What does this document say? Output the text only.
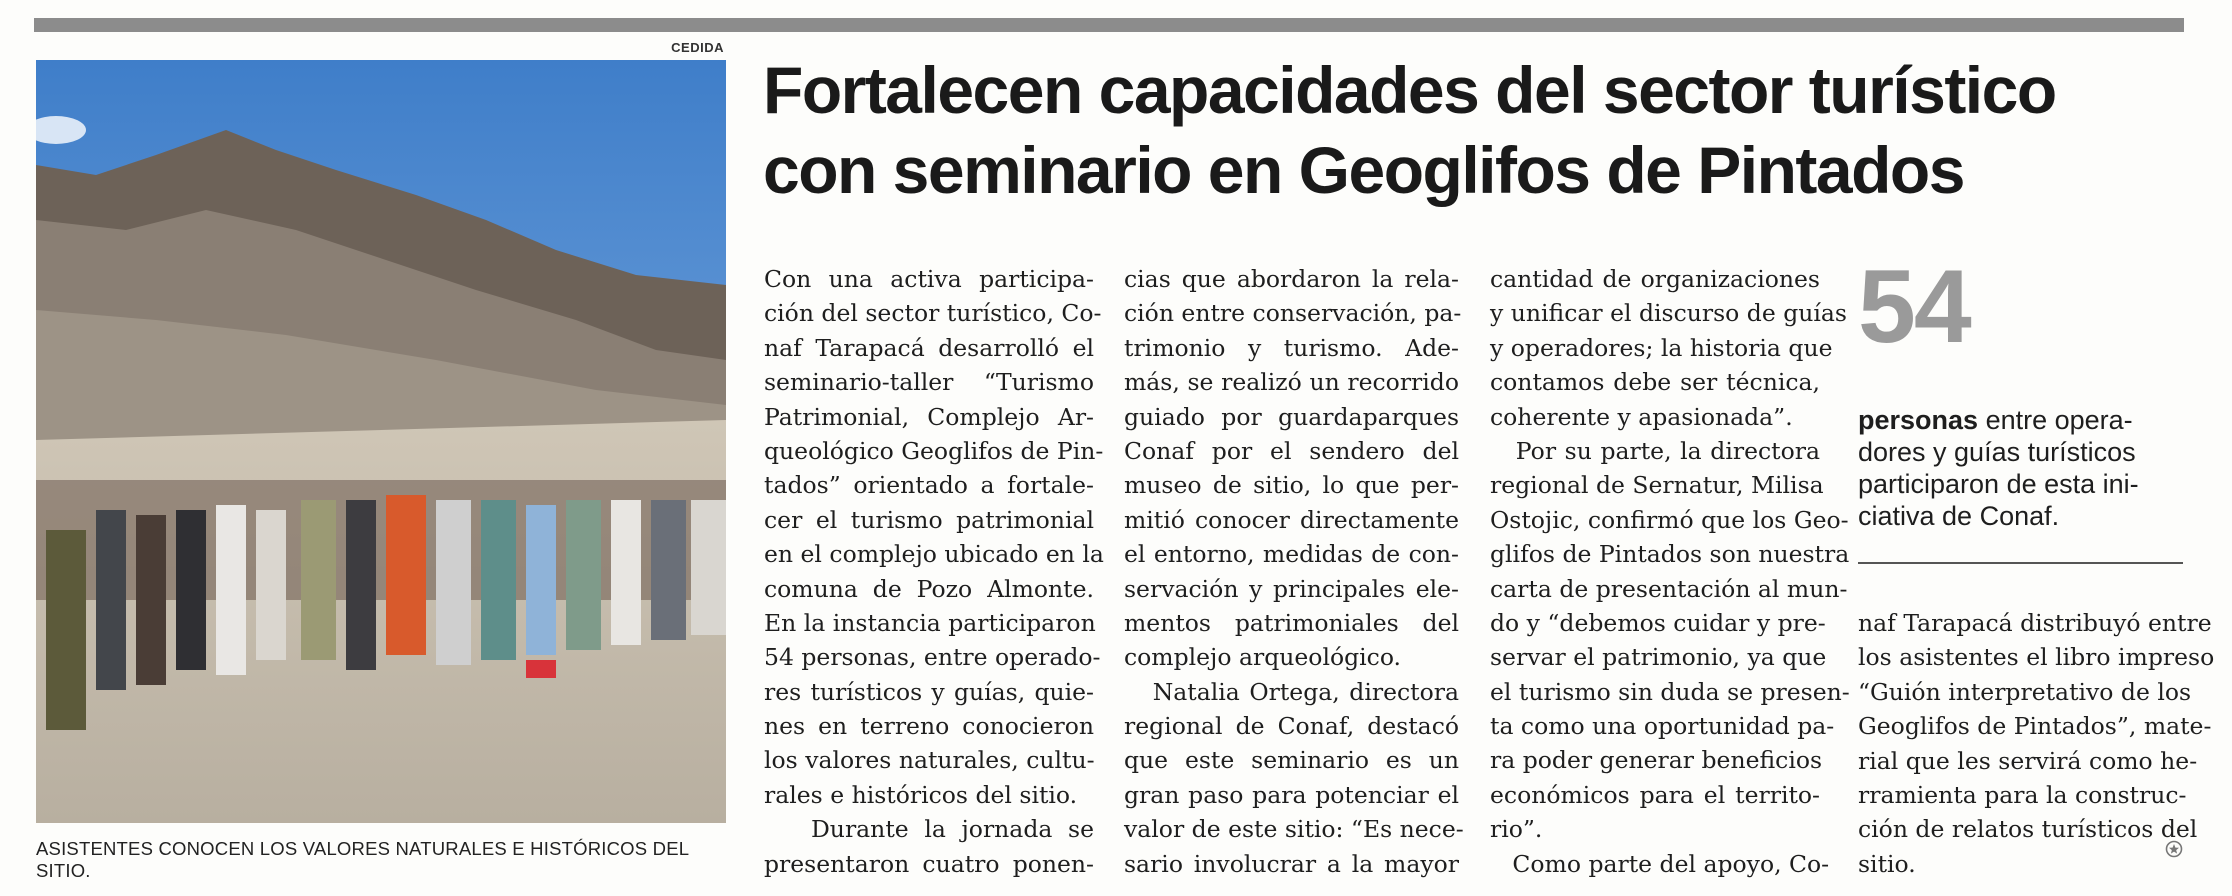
CEDIDA
ASISTENTES CONOCEN LOS VALORES NATURALES E HISTÓRICOS DEL SITIO.
Fortalecen capacidades del sector turístico
con seminario en Geoglifos de Pintados
Con una activa participa-
ción del sector turístico, Co-
naf Tarapacá desarrolló el
seminario-taller “Turismo
Patrimonial, Complejo Ar-
queológico Geoglifos de Pin-
tados” orientado a fortale-
cer el turismo patrimonial
en el complejo ubicado en la
comuna de Pozo Almonte.
En la instancia participaron
54 personas, entre operado-
res turísticos y guías, quie-
nes en terreno conocieron
los valores naturales, cultu-
rales e históricos del sitio.
Durante la jornada se
presentaron cuatro ponen-
cias que abordaron la rela-
ción entre conservación, pa-
trimonio y turismo. Ade-
más, se realizó un recorrido
guiado por guardaparques
Conaf por el sendero del
museo de sitio, lo que per-
mitió conocer directamente
el entorno, medidas de con-
servación y principales ele-
mentos patrimoniales del
complejo arqueológico.
Natalia Ortega, directora
regional de Conaf, destacó
que este seminario es un
gran paso para potenciar el
valor de este sitio: “Es nece-
sario involucrar a la mayor
cantidad de organizaciones
y unificar el discurso de guías
y operadores; la historia que
contamos debe ser técnica,
coherente y apasionada”.
Por su parte, la directora
regional de Sernatur, Milisa
Ostojic, confirmó que los Geo-
glifos de Pintados son nuestra
carta de presentación al mun-
do y “debemos cuidar y pre-
servar el patrimonio, ya que
el turismo sin duda se presen-
ta como una oportunidad pa-
ra poder generar beneficios
económicos para el territo-
rio”.
Como parte del apoyo, Co-
54
personas entre opera-
dores y guías turísticos
participaron de esta ini-
ciativa de Conaf.
naf Tarapacá distribuyó entre
los asistentes el libro impreso
“Guión interpretativo de los
Geoglifos de Pintados”, mate-
rial que les servirá como he-
rramienta para la construc-
ción de relatos turísticos del
sitio.
